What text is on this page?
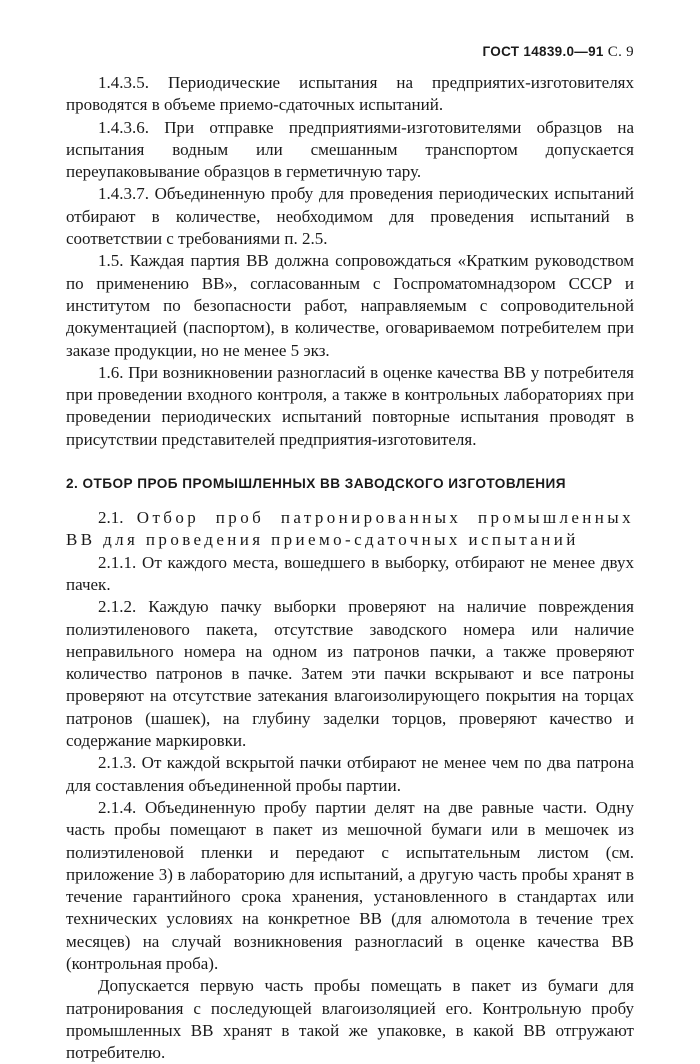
ГОСТ 14839.0—91 С. 9

1.4.3.5. Периодические испытания на предприятих-изготовителях проводятся в объеме приемо-сдаточных испытаний.

1.4.3.6. При отправке предприятиями-изготовителями образцов на испытания водным или смешанным транспортом допускается переупаковывание образцов в герметичную тару.

1.4.3.7. Объединенную пробу для проведения периодических испытаний отбирают в количестве, необходимом для проведения испытаний в соответствии с требованиями п. 2.5.

1.5. Каждая партия ВВ должна сопровождаться «Кратким руководством по применению ВВ», согласованным с Госпроматомнадзором СССР и институтом по безопасности работ, направляемым с сопроводительной документацией (паспортом), в количестве, оговариваемом потребителем при заказе продукции, но не менее 5 экз.

1.6. При возникновении разногласий в оценке качества ВВ у потребителя при проведении входного контроля, а также в контрольных лабораториях при проведении периодических испытаний повторные испытания проводят в присутствии представителей предприятия-изготовителя.

2. ОТБОР ПРОБ ПРОМЫШЛЕННЫХ ВВ ЗАВОДСКОГО ИЗГОТОВЛЕНИЯ

2.1. Отбор проб патронированных промышленных ВВ для проведения приемо-сдаточных испытаний

2.1.1. От каждого места, вошедшего в выборку, отбирают не менее двух пачек.

2.1.2. Каждую пачку выборки проверяют на наличие повреждения полиэтиленового пакета, отсутствие заводского номера или наличие неправильного номера на одном из патронов пачки, а также проверяют количество патронов в пачке. Затем эти пачки вскрывают и все патроны проверяют на отсутствие затекания влагоизолирующего покрытия на торцах патронов (шашек), на глубину заделки торцов, проверяют качество и содержание маркировки.

2.1.3. От каждой вскрытой пачки отбирают не менее чем по два патрона для составления объединенной пробы партии.

2.1.4. Объединенную пробу партии делят на две равные части. Одну часть пробы помещают в пакет из мешочной бумаги или в мешочек из полиэтиленовой пленки и передают с испытательным листом (см. приложение 3) в лабораторию для испытаний, а другую часть пробы хранят в течение гарантийного срока хранения, установленного в стандартах или технических условиях на конкретное ВВ (для алюмотола в течение трех месяцев) на случай возникновения разногласий в оценке качества ВВ (контрольная проба).

Допускается первую часть пробы помещать в пакет из бумаги для патронирования с последующей влагоизоляцией его. Контрольную пробу промышленных ВВ хранят в такой же упаковке, в какой ВВ отгружают потребителю.
